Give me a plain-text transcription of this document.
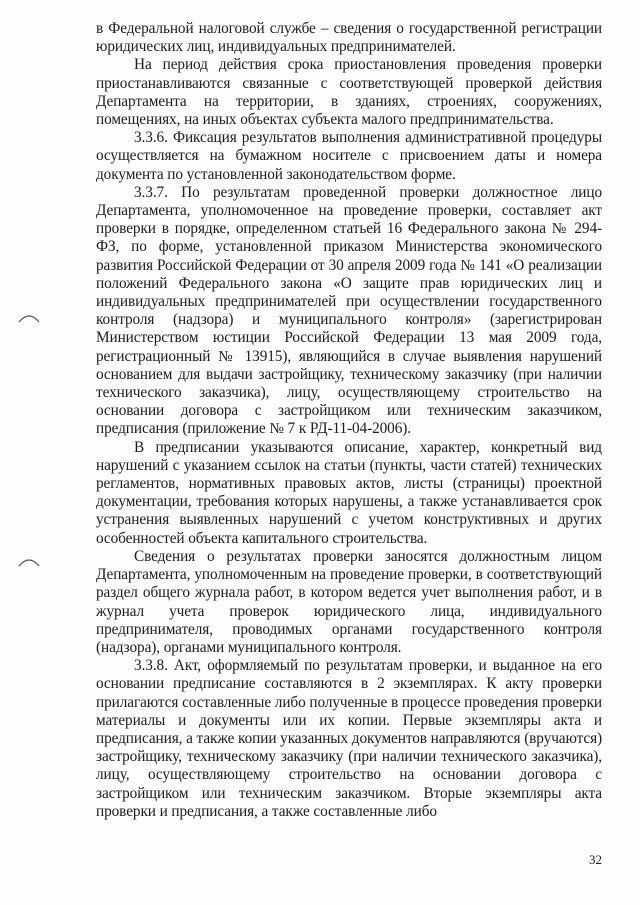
в Федеральной налоговой службе – сведения о государственной регистрации юридических лиц, индивидуальных предпринимателей.

На период действия срока приостановления проведения проверки приостанавливаются связанные с соответствующей проверкой действия Департамента на территории, в зданиях, строениях, сооружениях, помещениях, на иных объектах субъекта малого предпринимательства.

3.3.6. Фиксация результатов выполнения административной процедуры осуществляется на бумажном носителе с присвоением даты и номера документа по установленной законодательством форме.

3.3.7. По результатам проведенной проверки должностное лицо Департамента, уполномоченное на проведение проверки, составляет акт проверки в порядке, определенном статьей 16 Федерального закона № 294-ФЗ, по форме, установленной приказом Министерства экономического развития Российской Федерации от 30 апреля 2009 года № 141 «О реализации положений Федерального закона «О защите прав юридических лиц и индивидуальных предпринимателей при осуществлении государственного контроля (надзора) и муниципального контроля» (зарегистрирован Министерством юстиции Российской Федерации 13 мая 2009 года, регистрационный № 13915), являющийся в случае выявления нарушений основанием для выдачи застройщику, техническому заказчику (при наличии технического заказчика), лицу, осуществляющему строительство на основании договора с застройщиком или техническим заказчиком, предписания (приложение № 7 к РД-11-04-2006).

В предписании указываются описание, характер, конкретный вид нарушений с указанием ссылок на статьи (пункты, части статей) технических регламентов, нормативных правовых актов, листы (страницы) проектной документации, требования которых нарушены, а также устанавливается срок устранения выявленных нарушений с учетом конструктивных и других особенностей объекта капитального строительства.

Сведения о результатах проверки заносятся должностным лицом Департамента, уполномоченным на проведение проверки, в соответствующий раздел общего журнала работ, в котором ведется учет выполнения работ, и в журнал учета проверок юридического лица, индивидуального предпринимателя, проводимых органами государственного контроля (надзора), органами муниципального контроля.

3.3.8. Акт, оформляемый по результатам проверки, и выданное на его основании предписание составляются в 2 экземплярах. К акту проверки прилагаются составленные либо полученные в процессе проведения проверки материалы и документы или их копии. Первые экземпляры акта и предписания, а также копии указанных документов направляются (вручаются) застройщику, техническому заказчику (при наличии технического заказчика), лицу, осуществляющему строительство на основании договора с застройщиком или техническим заказчиком. Вторые экземпляры акта проверки и предписания, а также составленные либо

32
